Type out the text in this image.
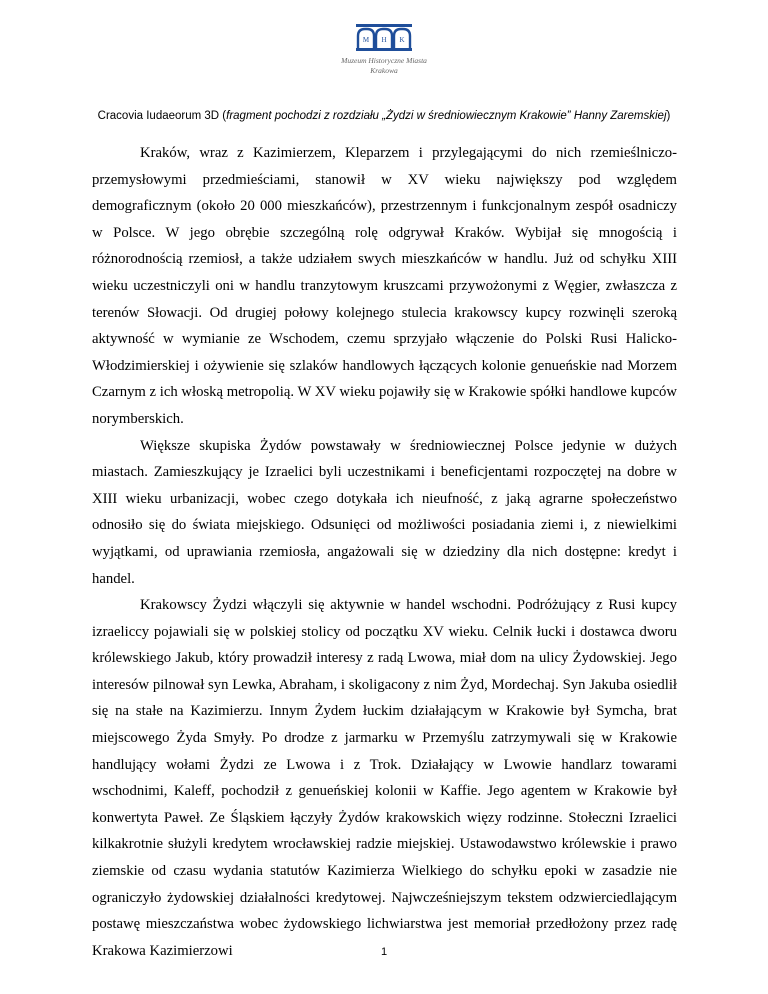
M H K
Muzeum Historyczne Miasta
Krakowa
Cracovia Iudaeorum 3D (fragment pochodzi z rozdziału „Żydzi w średniowiecznym Krakowie” Hanny Zaremskiej)

Kraków, wraz z Kazimierzem, Kleparzem i przylegającymi do nich rzemieślniczo-przemysłowymi przedmieściami, stanowił w XV wieku największy pod względem demograficznym (około 20 000 mieszkańców), przestrzennym i funkcjonalnym zespół osadniczy w Polsce. W jego obrębie szczególną rolę odgrywał Kraków. Wybijał się mnogością i różnorodnością rzemiosł, a także udziałem swych mieszkańców w handlu. Już od schyłku XIII wieku uczestniczyli oni w handlu tranzytowym kruszcami przywożonymi z Węgier, zwłaszcza z terenów Słowacji. Od drugiej połowy kolejnego stulecia krakowscy kupcy rozwinęli szeroką aktywność w wymianie ze Wschodem, czemu sprzyjało włączenie do Polski Rusi Halicko-Włodzimierskiej i ożywienie się szlaków handlowych łączących kolonie genueńskie nad Morzem Czarnym z ich włoską metropolią. W XV wieku pojawiły się w Krakowie spółki handlowe kupców norymberskich.

Większe skupiska Żydów powstawały w średniowiecznej Polsce jedynie w dużych miastach. Zamieszkujący je Izraelici byli uczestnikami i beneficjentami rozpoczętej na dobre w XIII wieku urbanizacji, wobec czego dotykała ich nieufność, z jaką agrarne społeczeństwo odnosiło się do świata miejskiego. Odsunięci od możliwości posiadania ziemi i, z niewielkimi wyjątkami, od uprawiania rzemiosła, angażowali się w dziedziny dla nich dostępne: kredyt i handel.

Krakowscy Żydzi włączyli się aktywnie w handel wschodni. Podróżujący z Rusi kupcy izraeliccy pojawiali się w polskiej stolicy od początku XV wieku. Celnik łucki i dostawca dworu królewskiego Jakub, który prowadził interesy z radą Lwowa, miał dom na ulicy Żydowskiej. Jego interesów pilnował syn Lewka, Abraham, i skoligacony z nim Żyd, Mordechaj. Syn Jakuba osiedlił się na stałe na Kazimierzu. Innym Żydem łuckim działającym w Krakowie był Symcha, brat miejscowego Żyda Smyły. Po drodze z jarmarku w Przemyślu zatrzymywali się w Krakowie handlujący wołami Żydzi ze Lwowa i z Trok. Działający w Lwowie handlarz towarami wschodnimi, Kaleff, pochodził z genueńskiej kolonii w Kaffie. Jego agentem w Krakowie był konwertyta Paweł. Ze Śląskiem łączyły Żydów krakowskich więzy rodzinne. Stołeczni Izraelici kilkakrotnie służyli kredytem wrocławskiej radzie miejskiej. Ustawodawstwo królewskie i prawo ziemskie od czasu wydania statutów Kazimierza Wielkiego do schyłku epoki w zasadzie nie ograniczyło żydowskiej działalności kredytowej. Najwcześniejszym tekstem odzwierciedlającym postawę mieszczaństwa wobec żydowskiego lichwiarstwa jest memoriał przedłożony przez radę Krakowa Kazimierzowi	1
